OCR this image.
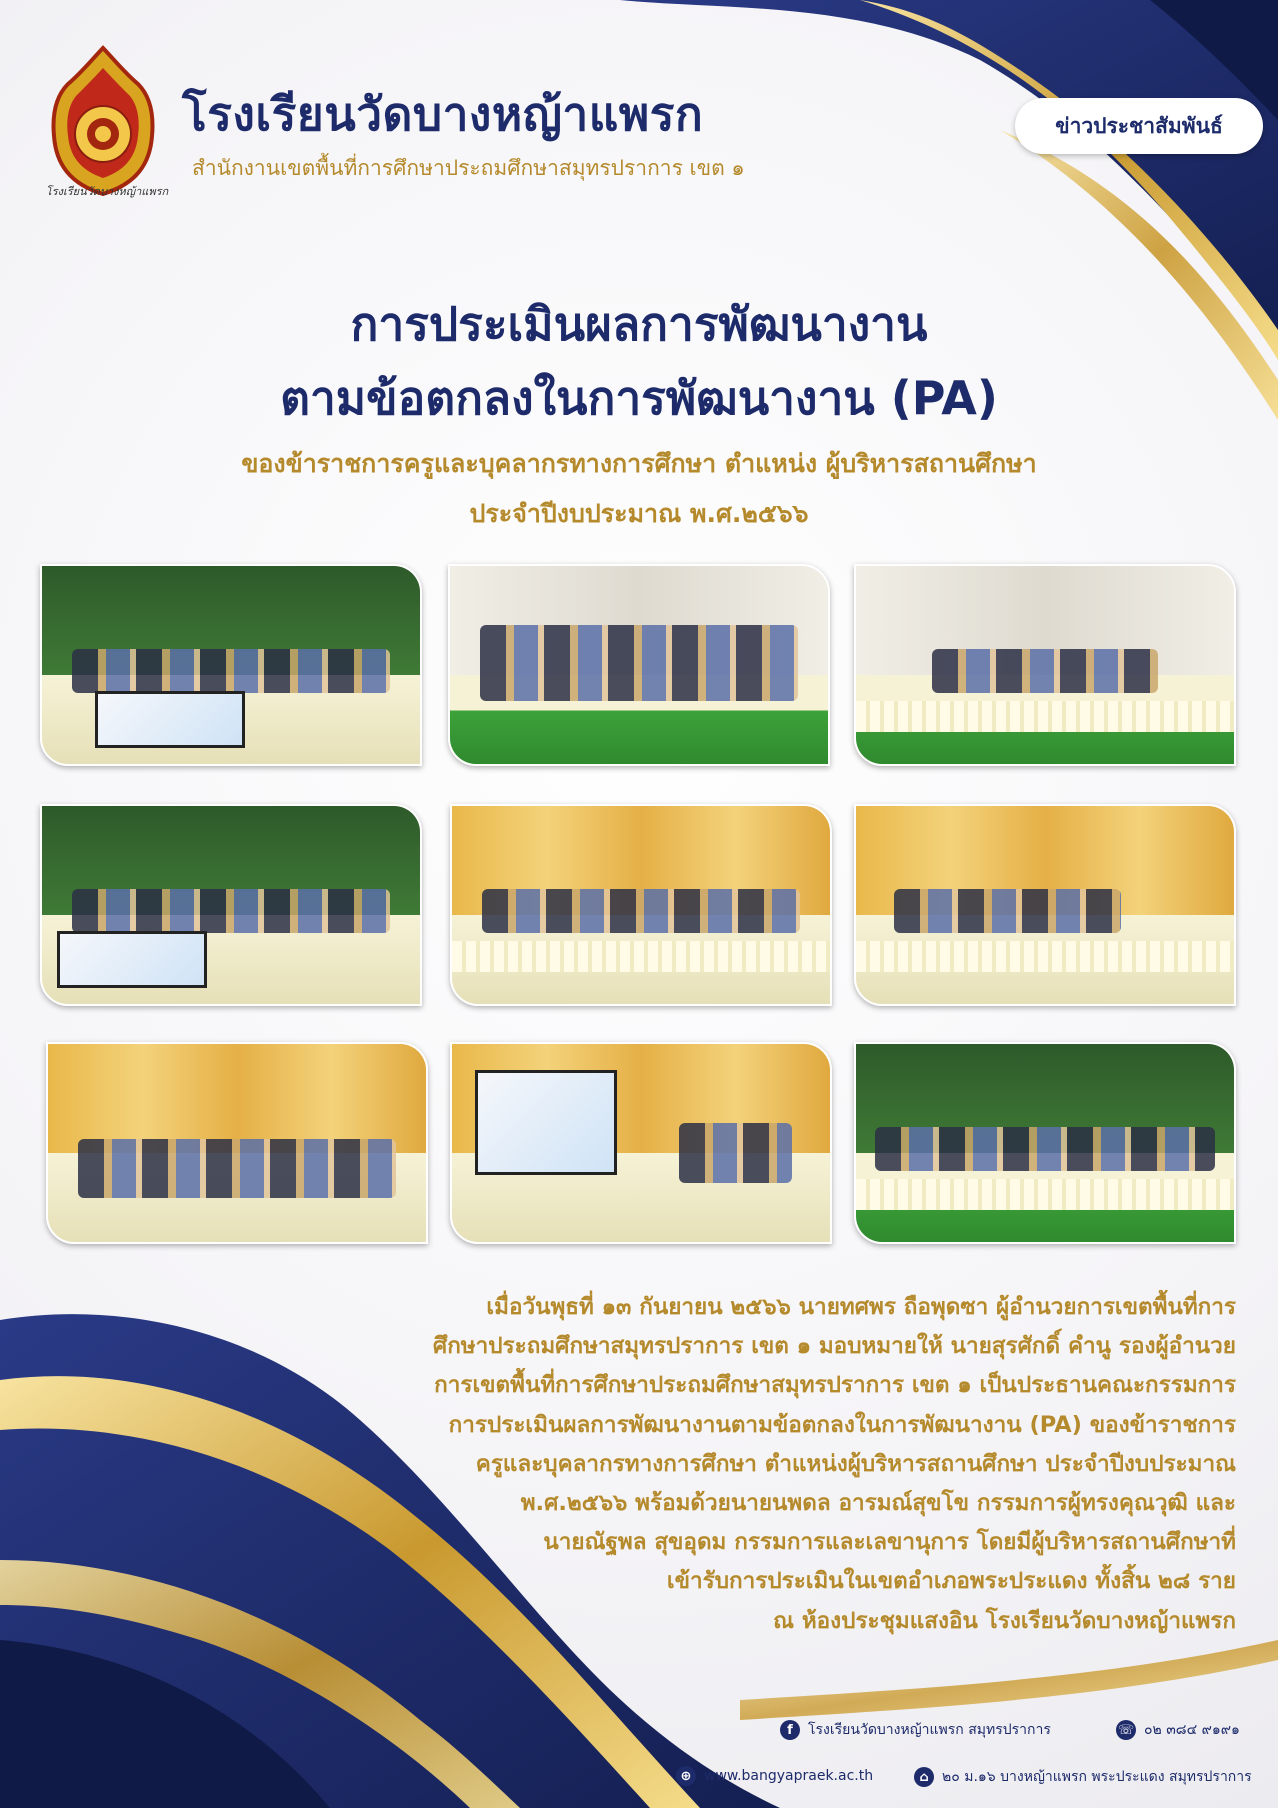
โรงเรียนวัดบางหญ้าแพรก
โรงเรียนวัดบางหญ้าแพรก
สำนักงานเขตพื้นที่การศึกษาประถมศึกษาสมุทรปราการ เขต ๑
ข่าวประชาสัมพันธ์
การประเมินผลการพัฒนางาน
ตามข้อตกลงในการพัฒนางาน (PA)
ของข้าราชการครูและบุคลากรทางการศึกษา ตำแหน่ง ผู้บริหารสถานศึกษา
ประจำปีงบประมาณ พ.ศ.๒๕๖๖
เมื่อวันพุธที่ ๑๓ กันยายน ๒๕๖๖ นายทศพร ถือพุดซา ผู้อำนวยการเขตพื้นที่การ
ศึกษาประถมศึกษาสมุทรปราการ เขต ๑ มอบหมายให้ นายสุรศักดิ์ คำนู รองผู้อำนวย
การเขตพื้นที่การศึกษาประถมศึกษาสมุทรปราการ เขต ๑ เป็นประธานคณะกรรมการ
การประเมินผลการพัฒนางานตามข้อตกลงในการพัฒนางาน (PA) ของข้าราชการ
ครูและบุคลากรทางการศึกษา ตำแหน่งผู้บริหารสถานศึกษา ประจำปีงบประมาณ
พ.ศ.๒๕๖๖ พร้อมด้วยนายนพดล อารมณ์สุขโข กรรมการผู้ทรงคุณวุฒิ และ
นายณัฐพล สุขอุดม กรรมการและเลขานุการ โดยมีผู้บริหารสถานศึกษาที่
เข้ารับการประเมินในเขตอำเภอพระประแดง ทั้งสิ้น ๒๘ ราย
ณ ห้องประชุมแสงอิน โรงเรียนวัดบางหญ้าแพรก
f	โรงเรียนวัดบางหญ้าแพรก สมุทรปราการ	☏ ๐๒ ๓๘๔ ๙๑๙๑
⊕ www.bangyapraek.ac.th	⌂ ๒๐ ม.๑๖ บางหญ้าแพรก พระประแดง สมุทรปราการ
